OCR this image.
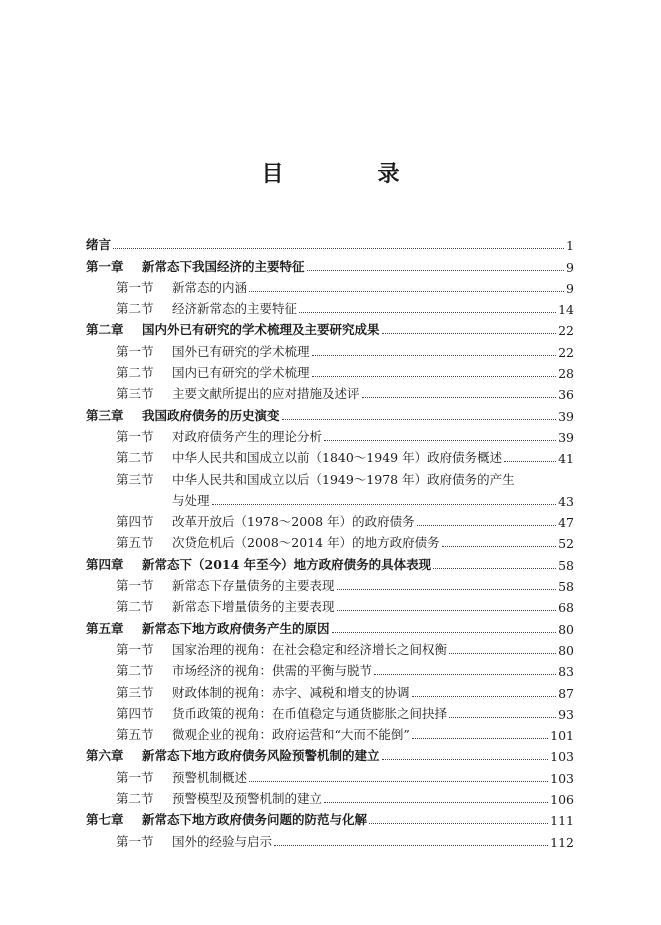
目　录
绪言	1
第一章	新常态下我国经济的主要特征	9
第一节	新常态的内涵	9
第二节	经济新常态的主要特征	14
第二章	国内外已有研究的学术梳理及主要研究成果	22
第一节	国外已有研究的学术梳理	22
第二节	国内已有研究的学术梳理	28
第三节	主要文献所提出的应对措施及述评	36
第三章	我国政府债务的历史演变	39
第一节	对政府债务产生的理论分析	39
第二节	中华人民共和国成立以前（1840～1949 年）政府债务概述	41
第三节	中华人民共和国成立以后（1949～1978 年）政府债务的产生
与处理	43
第四节	改革开放后（1978～2008 年）的政府债务	47
第五节	次贷危机后（2008～2014 年）的地方政府债务	52
第四章	新常态下（2014 年至今）地方政府债务的具体表现	58
第一节	新常态下存量债务的主要表现	58
第二节	新常态下增量债务的主要表现	68
第五章	新常态下地方政府债务产生的原因	80
第一节	国家治理的视角：在社会稳定和经济增长之间权衡	80
第二节	市场经济的视角：供需的平衡与脱节	83
第三节	财政体制的视角：赤字、减税和增支的协调	87
第四节	货币政策的视角：在币值稳定与通货膨胀之间抉择	93
第五节	微观企业的视角：政府运营和“大而不能倒”	101
第六章	新常态下地方政府债务风险预警机制的建立	103
第一节	预警机制概述	103
第二节	预警模型及预警机制的建立	106
第七章	新常态下地方政府债务问题的防范与化解	111
第一节	国外的经验与启示	112
